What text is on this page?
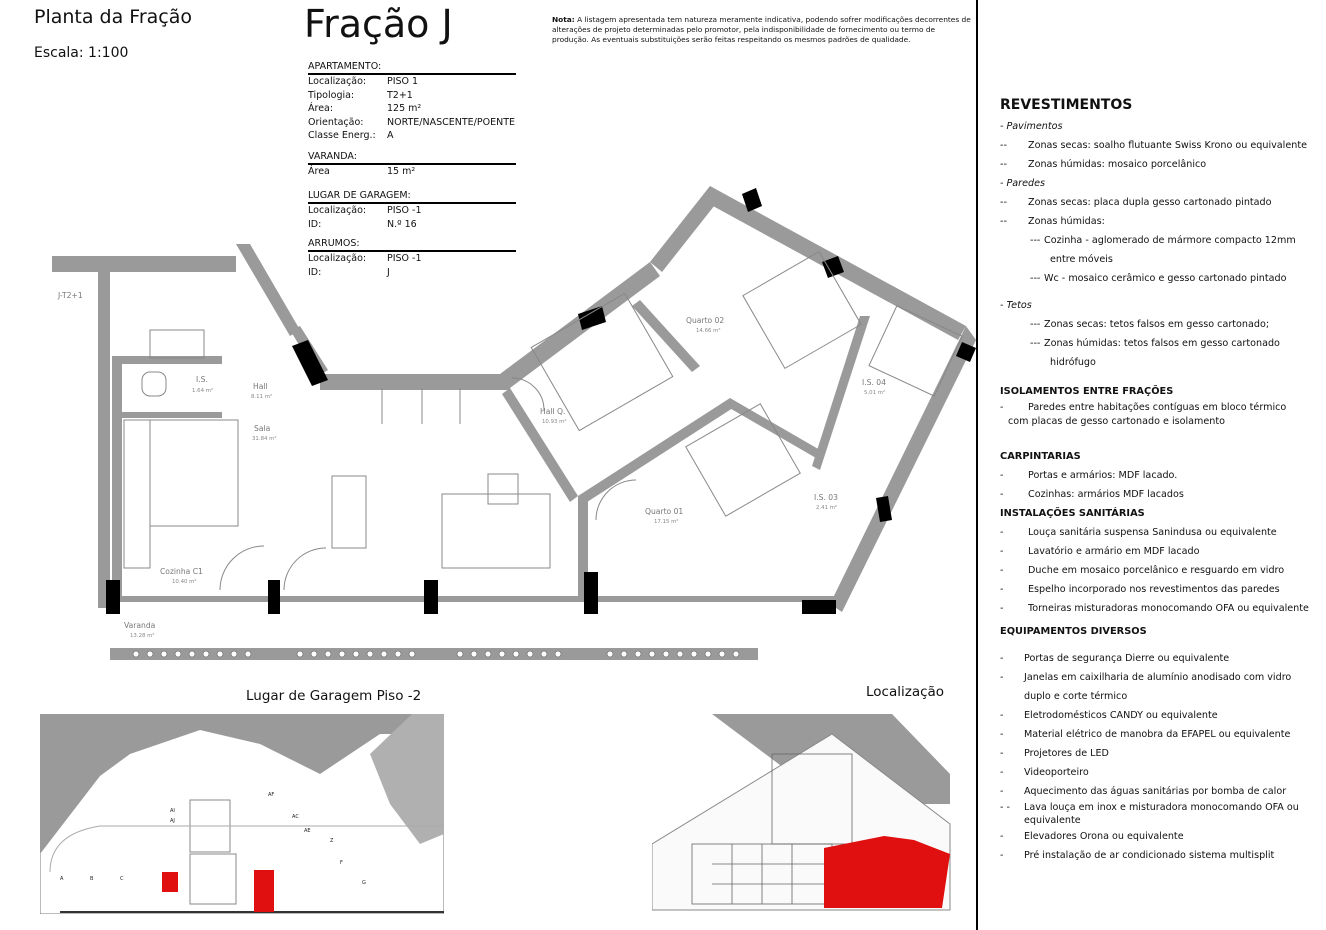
Planta da Fração
Escala: 1:100
Fração J	Nota: A listagem apresentada tem natureza meramente indicativa, podendo sofrer modificações decorrentes de alterações de projeto determinadas pelo promotor, pela indisponibilidade de fornecimento ou termo de produção. As eventuais substituições serão feitas respeitando os mesmos padrões de qualidade.
APARTAMENTO:
Localização:	PISO 1
Tipologia:	T2+1
Área:	125 m²
Orientação:	NORTE/NASCENTE/POENTE
Classe Energ.:	A
VARANDA:
Área	15 m²
LUGAR DE GARAGEM:
Localização:	PISO -1
ID:	N.º 16
ARRUMOS:
Localização:	PISO -1
ID:	J
J-T2+1
I.S.
1.64 m²	Hall
8.11 m²
Sala
31.84 m²
Cozinha C1
10.40 m²
Varanda
13.28 m²
Hall Q.
10.93 m²
Quarto 02
14.66 m²
Quarto 01
17.15 m²
I.S. 04
5.01 m²
I.S. 03
2.41 m²
Lugar de Garagem Piso -2	Localização
A	B	C
AI
AJ
AF
AC
AE
Z
F
G
REVESTIMENTOS
- Pavimentos
--	Zonas secas: soalho flutuante Swiss Krono ou equivalente
--	Zonas húmidas: mosaico porcelânico
- Paredes
--	Zonas secas: placa dupla gesso cartonado pintado
--	Zonas húmidas:
--- Cozinha - aglomerado de mármore compacto 12mm
entre móveis
--- Wc - mosaico cerâmico e gesso cartonado pintado
- Tetos
--- Zonas secas: tetos falsos em gesso cartonado;
--- Zonas húmidas: tetos falsos em gesso cartonado
hidrófugo
ISOLAMENTOS ENTRE FRAÇÕES
-	Paredes entre habitações contíguas em bloco térmico
com placas de gesso cartonado e isolamento
CARPINTARIAS
-	Portas e armários: MDF lacado.
-	Cozinhas: armários MDF lacados
INSTALAÇÕES SANITÁRIAS
-	Louça sanitária suspensa Sanindusa ou equivalente
-	Lavatório e armário em MDF lacado
-	Duche em mosaico porcelânico e resguardo em vidro
-	Espelho incorporado nos revestimentos das paredes
-	Torneiras misturadoras monocomando OFA ou equivalente
EQUIPAMENTOS DIVERSOS
-	Portas de segurança Dierre ou equivalente
-	Janelas em caixilharia de alumínio anodisado com vidro
duplo e corte térmico
-	Eletrodomésticos CANDY ou equivalente
-	Material elétrico de manobra da EFAPEL ou equivalente
-	Projetores de LED
-	Videoporteiro
-	Aquecimento das águas sanitárias por bomba de calor
- -	Lava louça em inox e misturadora monocomando OFA ou
equivalente
-	Elevadores Orona ou equivalente
-	Pré instalação de ar condicionado sistema multisplit
